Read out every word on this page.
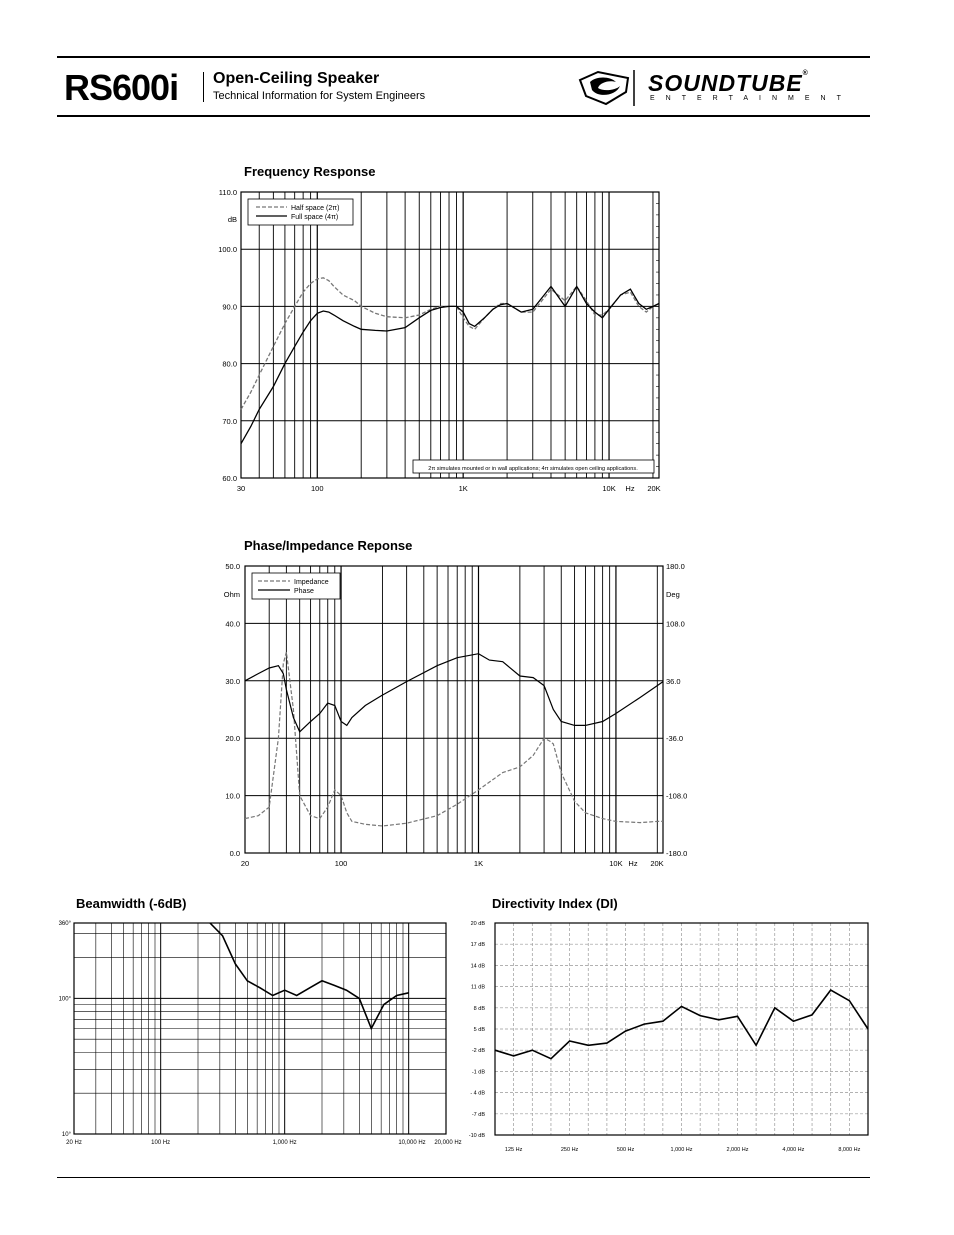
RS600i Open-Ceiling Speaker
Technical Information for System Engineers	SOUNDTUBE®
ENTERTAINMENT
Frequency Response
Phase/Impedance Reponse
Beamwidth (-6dB)	Directivity Index (DI)
110.0
100.0
90.0
80.0
70.0
60.0
dB
30	100	1K	10K Hz 20K
Half space (2π)
Full space (4π)
2π simulates mounted or in wall applications; 4π simulates open ceiling applications.
50.0
40.0
30.0
20.0
10.0
0.0
180.0
108.0
36.0
-36.0
-108.0
-180.0
Ohm	Deg
20	100	1K	10K Hz 20K
Impedance
Phase
360°
100°
10°
20 Hz	100 Hz	1,000 Hz	10,000 Hz 20,000 Hz
20 dB
17 dB
14 dB
11 dB
8 dB
5 dB
-2 dB
-1 dB
- 4 dB
-7 dB
-10 dB
125 Hz	250 Hz	500 Hz	1,000 Hz	2,000 Hz	4,000 Hz	8,000 Hz
